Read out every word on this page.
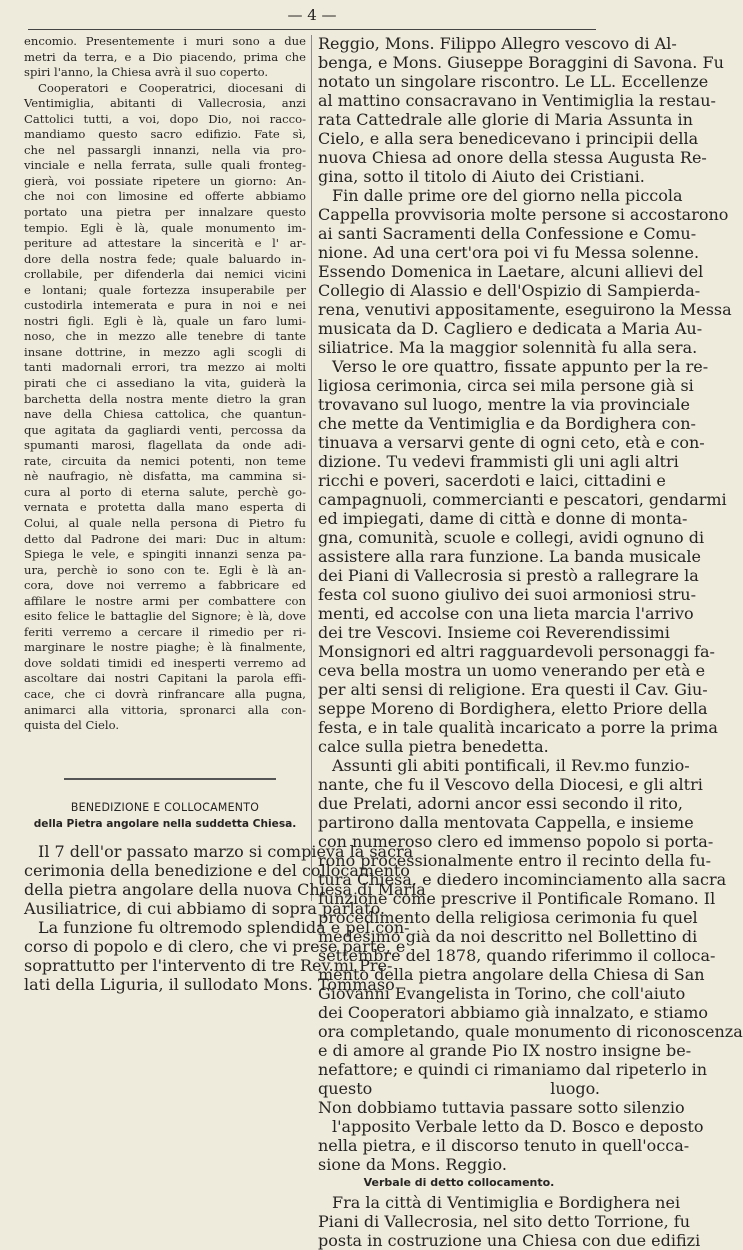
— 4 —
encomio. Presentemente i muri sono a due
metri da terra, e a Dio piacendo, prima che
spiri l'anno, la Chiesa avrà il suo coperto.
Cooperatori e Cooperatrici, diocesani di
Ventimiglia, abitanti di Vallecrosia, anzi
Cattolici tutti, a voi, dopo Dio, noi racco-
mandiamo questo sacro edifizio. Fate sì,
che nel passargli innanzi, nella via pro-
vinciale e nella ferrata, sulle quali fronteg-
gierà, voi possiate ripetere un giorno: An-
che noi con limosine ed offerte abbiamo
portato una pietra per innalzare questo
tempio. Egli è là, quale monumento im-
periture ad attestare la sincerità e l' ar-
dore della nostra fede; quale baluardo in-
crollabile, per difenderla dai nemici vicini
e lontani; quale fortezza insuperabile per
custodirla intemerata e pura in noi e nei
nostri figli. Egli è là, quale un faro lumi-
noso, che in mezzo alle tenebre di tante
insane dottrine, in mezzo agli scogli di
tanti madornali errori, tra mezzo ai molti
pirati che ci assediano la vita, guiderà la
barchetta della nostra mente dietro la gran
nave della Chiesa cattolica, che quantun-
que agitata da gagliardi venti, percossa da
spumanti marosi, flagellata da onde adi-
rate, circuita da nemici potenti, non teme
nè naufragio, nè disfatta, ma cammina si-
cura al porto di eterna salute, perchè go-
vernata e protetta dalla mano esperta di
Colui, al quale nella persona di Pietro fu
detto dal Padrone dei mari: Duc in altum:
Spiega le vele, e spingiti innanzi senza pa-
ura, perchè io sono con te. Egli è là an-
cora, dove noi verremo a fabbricare ed
affilare le nostre armi per combattere con
esito felice le battaglie del Signore; è là, dove
feriti verremo a cercare il rimedio per ri-
marginare le nostre piaghe; è là finalmente,
dove soldati timidi ed inesperti verremo ad
ascoltare dai nostri Capitani la parola effi-
cace, che ci dovrà rinfrancare alla pugna,
animarci alla vittoria, spronarci alla con-
quista del Cielo.
BENEDIZIONE E COLLOCAMENTO
della Pietra angolare nella suddetta Chiesa.
Il 7 dell'or passato marzo si compieva la sacra
cerimonia della benedizione e del collocamento
della pietra angolare della nuova Chiesa di Maria
Ausiliatrice, di cui abbiamo di sopra parlato.
La funzione fu oltremodo splendida e pel con-
corso di popolo e di clero, che vi prese parte, e
soprattutto per l'intervento di tre Rev.mi Pre-
lati della Liguria, il sullodato Mons. Tommaso
Reggio, Mons. Filippo Allegro vescovo di Al-
benga, e Mons. Giuseppe Boraggini di Savona. Fu
notato un singolare riscontro. Le LL. Eccellenze
al mattino consacravano in Ventimiglia la restau-
rata Cattedrale alle glorie di Maria Assunta in
Cielo, e alla sera benedicevano i principii della
nuova Chiesa ad onore della stessa Augusta Re-
gina, sotto il titolo di Aiuto dei Cristiani.
Fin dalle prime ore del giorno nella piccola
Cappella provvisoria molte persone si accostarono
ai santi Sacramenti della Confessione e Comu-
nione. Ad una cert'ora poi vi fu Messa solenne.
Essendo Domenica in Laetare, alcuni allievi del
Collegio di Alassio e dell'Ospizio di Sampierda-
rena, venutivi appositamente, eseguirono la Messa
musicata da D. Cagliero e dedicata a Maria Au-
siliatrice. Ma la maggior solennità fu alla sera.
Verso le ore quattro, fissate appunto per la re-
ligiosa cerimonia, circa sei mila persone già si
trovavano sul luogo, mentre la via provinciale
che mette da Ventimiglia e da Bordighera con-
tinuava a versarvi gente di ogni ceto, età e con-
dizione. Tu vedevi frammisti gli uni agli altri
ricchi e poveri, sacerdoti e laici, cittadini e
campagnuoli, commercianti e pescatori, gendarmi
ed impiegati, dame di città e donne di monta-
gna, comunità, scuole e collegi, avidi ognuno di
assistere alla rara funzione. La banda musicale
dei Piani di Vallecrosia si prestò a rallegrare la
festa col suono giulivo dei suoi armoniosi stru-
menti, ed accolse con una lieta marcia l'arrivo
dei tre Vescovi. Insieme coi Reverendissimi
Monsignori ed altri ragguardevoli personaggi fa-
ceva bella mostra un uomo venerando per età e
per alti sensi di religione. Era questi il Cav. Giu-
seppe Moreno di Bordighera, eletto Priore della
festa, e in tale qualità incaricato a porre la prima
calce sulla pietra benedetta.
Assunti gli abiti pontificali, il Rev.mo funzio-
nante, che fu il Vescovo della Diocesi, e gli altri
due Prelati, adorni ancor essi secondo il rito,
partirono dalla mentovata Cappella, e insieme
con numeroso clero ed immenso popolo si porta-
rono processionalmente entro il recinto della fu-
tura Chiesa, e diedero incominciamento alla sacra
funzione come prescrive il Pontificale Romano. Il
procedimento della religiosa cerimonia fu quel
medesimo già da noi descritto nel Bollettino di
settembre del 1878, quando riferimmo il colloca-
mento della pietra angolare della Chiesa di San
Giovanni Evangelista in Torino, che coll'aiuto
dei Cooperatori abbiamo già innalzato, e stiamo
ora completando, quale monumento di riconoscenza
e di amore al grande Pio IX nostro insigne be-
nefattore; e quindi ci rimaniamo dal ripeterlo in
questo luogo.
Non dobbiamo tuttavia passare sotto silenzio
l'apposito Verbale letto da D. Bosco e deposto
nella pietra, e il discorso tenuto in quell'occa-
sione da Mons. Reggio.
Verbale di detto collocamento.
Fra la città di Ventimiglia e Bordighera nei
Piani di Vallecrosia, nel sito detto Torrione, fu
posta in costruzione una Chiesa con due edifizi
